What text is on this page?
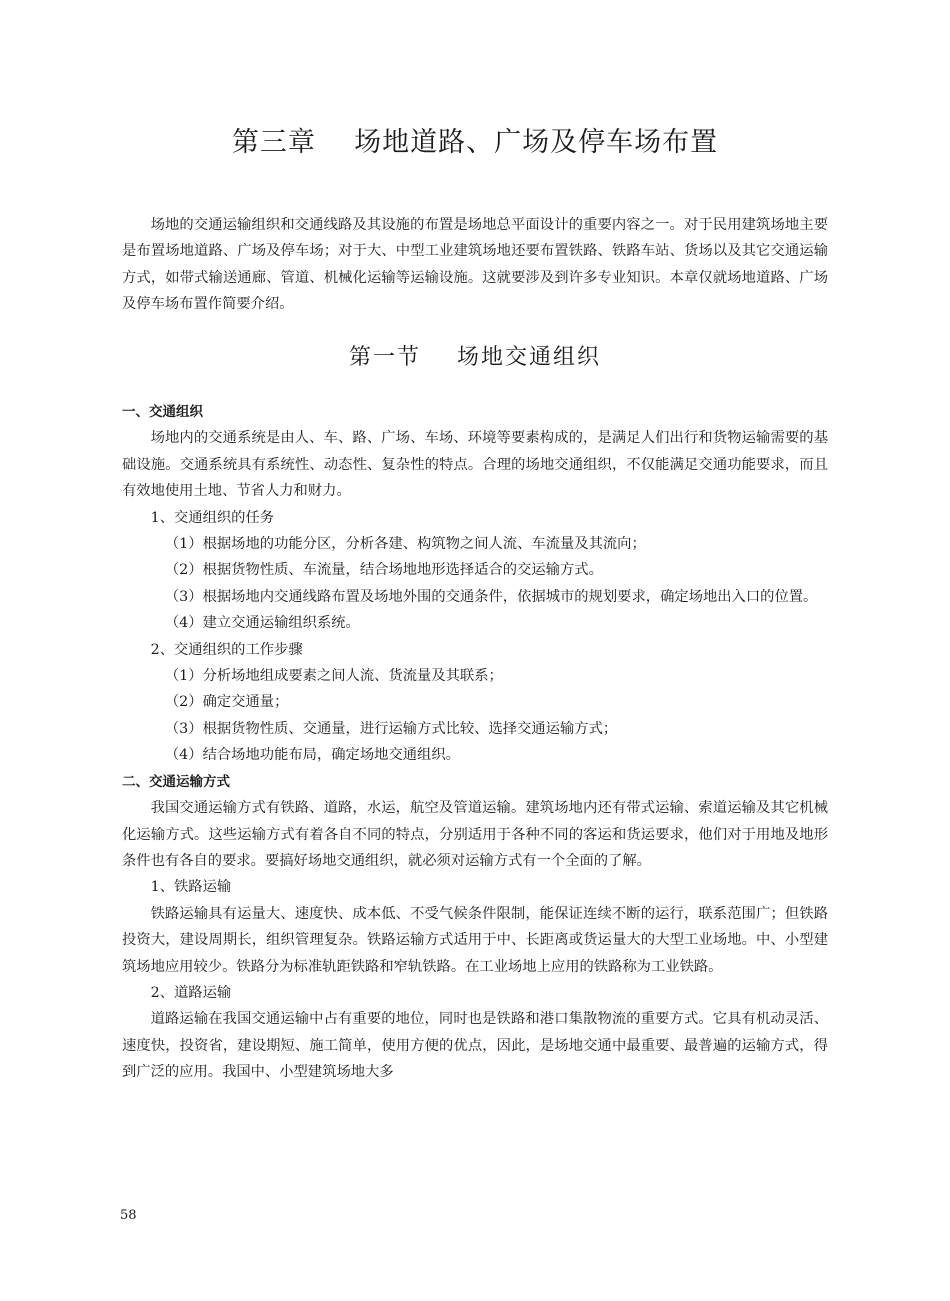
第三章    场地道路、广场及停车场布置

场地的交通运输组织和交通线路及其设施的布置是场地总平面设计的重要内容之一。对于民用建筑场地主要是布置场地道路、广场及停车场；对于大、中型工业建筑场地还要布置铁路、铁路车站、货场以及其它交通运输方式，如带式输送通廊、管道、机械化运输等运输设施。这就要涉及到许多专业知识。本章仅就场地道路、广场及停车场布置作简要介绍。

第一节    场地交通组织
一、交通组织

场地内的交通系统是由人、车、路、广场、车场、环境等要素构成的，是满足人们出行和货物运输需要的基础设施。交通系统具有系统性、动态性、复杂性的特点。合理的场地交通组织，不仅能满足交通功能要求，而且有效地使用土地、节省人力和财力。

1、交通组织的任务

（1）根据场地的功能分区，分析各建、构筑物之间人流、车流量及其流向；

（2）根据货物性质、车流量，结合场地地形选择适合的交运输方式。

（3）根据场地内交通线路布置及场地外围的交通条件，依据城市的规划要求，确定场地出入口的位置。

（4）建立交通运输组织系统。

2、交通组织的工作步骤

（1）分析场地组成要素之间人流、货流量及其联系；

（2）确定交通量；

（3）根据货物性质、交通量，进行运输方式比较、选择交通运输方式；

（4）结合场地功能布局，确定场地交通组织。

二、交通运输方式

我国交通运输方式有铁路、道路，水运，航空及管道运输。建筑场地内还有带式运输、索道运输及其它机械化运输方式。这些运输方式有着各自不同的特点，分别适用于各种不同的客运和货运要求，他们对于用地及地形条件也有各自的要求。要搞好场地交通组织，就必须对运输方式有一个全面的了解。

1、铁路运输

铁路运输具有运量大、速度快、成本低、不受气候条件限制，能保证连续不断的运行，联系范围广；但铁路投资大，建设周期长，组织管理复杂。铁路运输方式适用于中、长距离或货运量大的大型工业场地。中、小型建筑场地应用较少。铁路分为标准轨距铁路和窄轨铁路。在工业场地上应用的铁路称为工业铁路。

2、道路运输

道路运输在我国交通运输中占有重要的地位，同时也是铁路和港口集散物流的重要方式。它具有机动灵活、速度快，投资省，建设期短、施工简单，使用方便的优点，因此，是场地交通中最重要、最普遍的运输方式，得到广泛的应用。我国中、小型建筑场地大多

58
